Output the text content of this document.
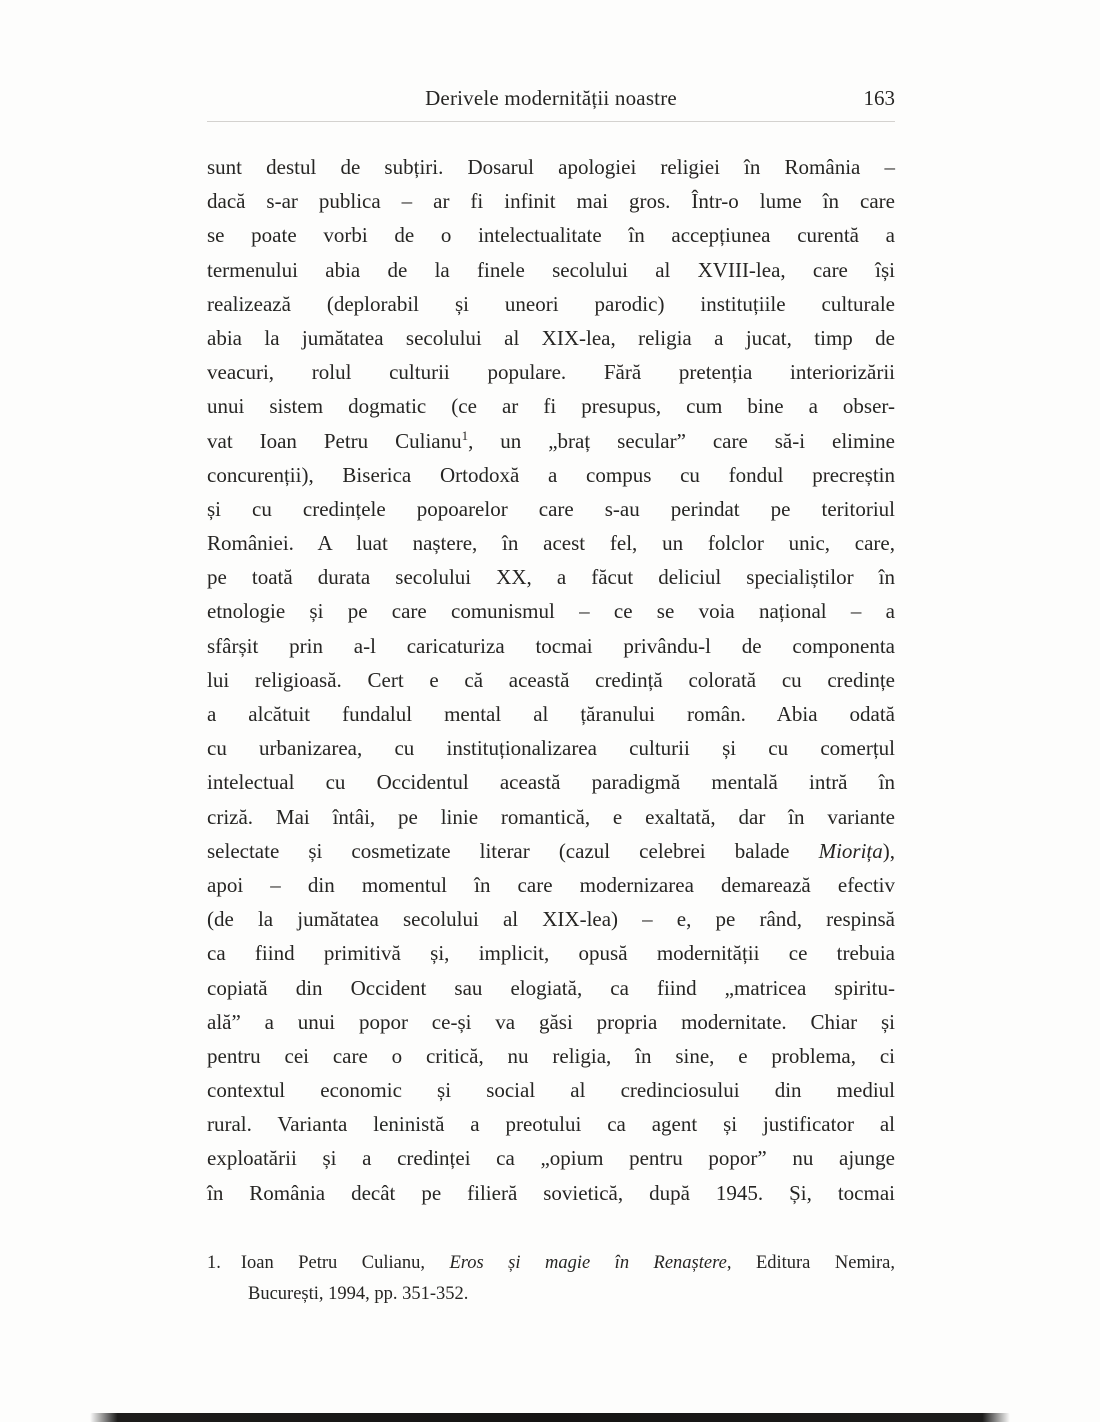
Derivele modernității noastre	163
sunt destul de subțiri. Dosarul apologiei religiei în România –
dacă s-ar publica – ar fi infinit mai gros. Într-o lume în care
se poate vorbi de o intelectualitate în accepțiunea curentă a
termenului abia de la finele secolului al XVIII-lea, care își
realizează (deplorabil și uneori parodic) instituțiile culturale
abia la jumătatea secolului al XIX-lea, religia a jucat, timp de
veacuri, rolul culturii populare. Fără pretenția interiorizării
unui sistem dogmatic (ce ar fi presupus, cum bine a obser-
vat Ioan Petru Culianu$^1$, un „braț secular” care să-i elimine
concurenții), Biserica Ortodoxă a compus cu fondul precreștin
și cu credințele popoarelor care s-au perindat pe teritoriul
României. A luat naștere, în acest fel, un folclor unic, care,
pe toată durata secolului XX, a făcut deliciul specialiștilor în
etnologie și pe care comunismul – ce se voia național – a
sfârșit prin a-l caricaturiza tocmai privându-l de componenta
lui religioasă. Cert e că această credință colorată cu credințe
a alcătuit fundalul mental al țăranului român. Abia odată
cu urbanizarea, cu instituționalizarea culturii și cu comerțul
intelectual cu Occidentul această paradigmă mentală intră în
criză. Mai întâi, pe linie romantică, e exaltată, dar în variante
selectate și cosmetizate literar (cazul celebrei balade Miorița),
apoi – din momentul în care modernizarea demarează efectiv
(de la jumătatea secolului al XIX-lea) – e, pe rând, respinsă
ca fiind primitivă și, implicit, opusă modernității ce trebuia
copiată din Occident sau elogiată, ca fiind „matricea spiritu-
ală” a unui popor ce-și va găsi propria modernitate. Chiar și
pentru cei care o critică, nu religia, în sine, e problema, ci
contextul economic și social al credinciosului din mediul
rural. Varianta leninistă a preotului ca agent și justificator al
exploatării și a credinței ca „opium pentru popor” nu ajunge
în România decât pe filieră sovietică, după 1945. Și, tocmai
1. Ioan Petru Culianu, Eros și magie în Renaștere, Editura Nemira,
București, 1994, pp. 351-352.
